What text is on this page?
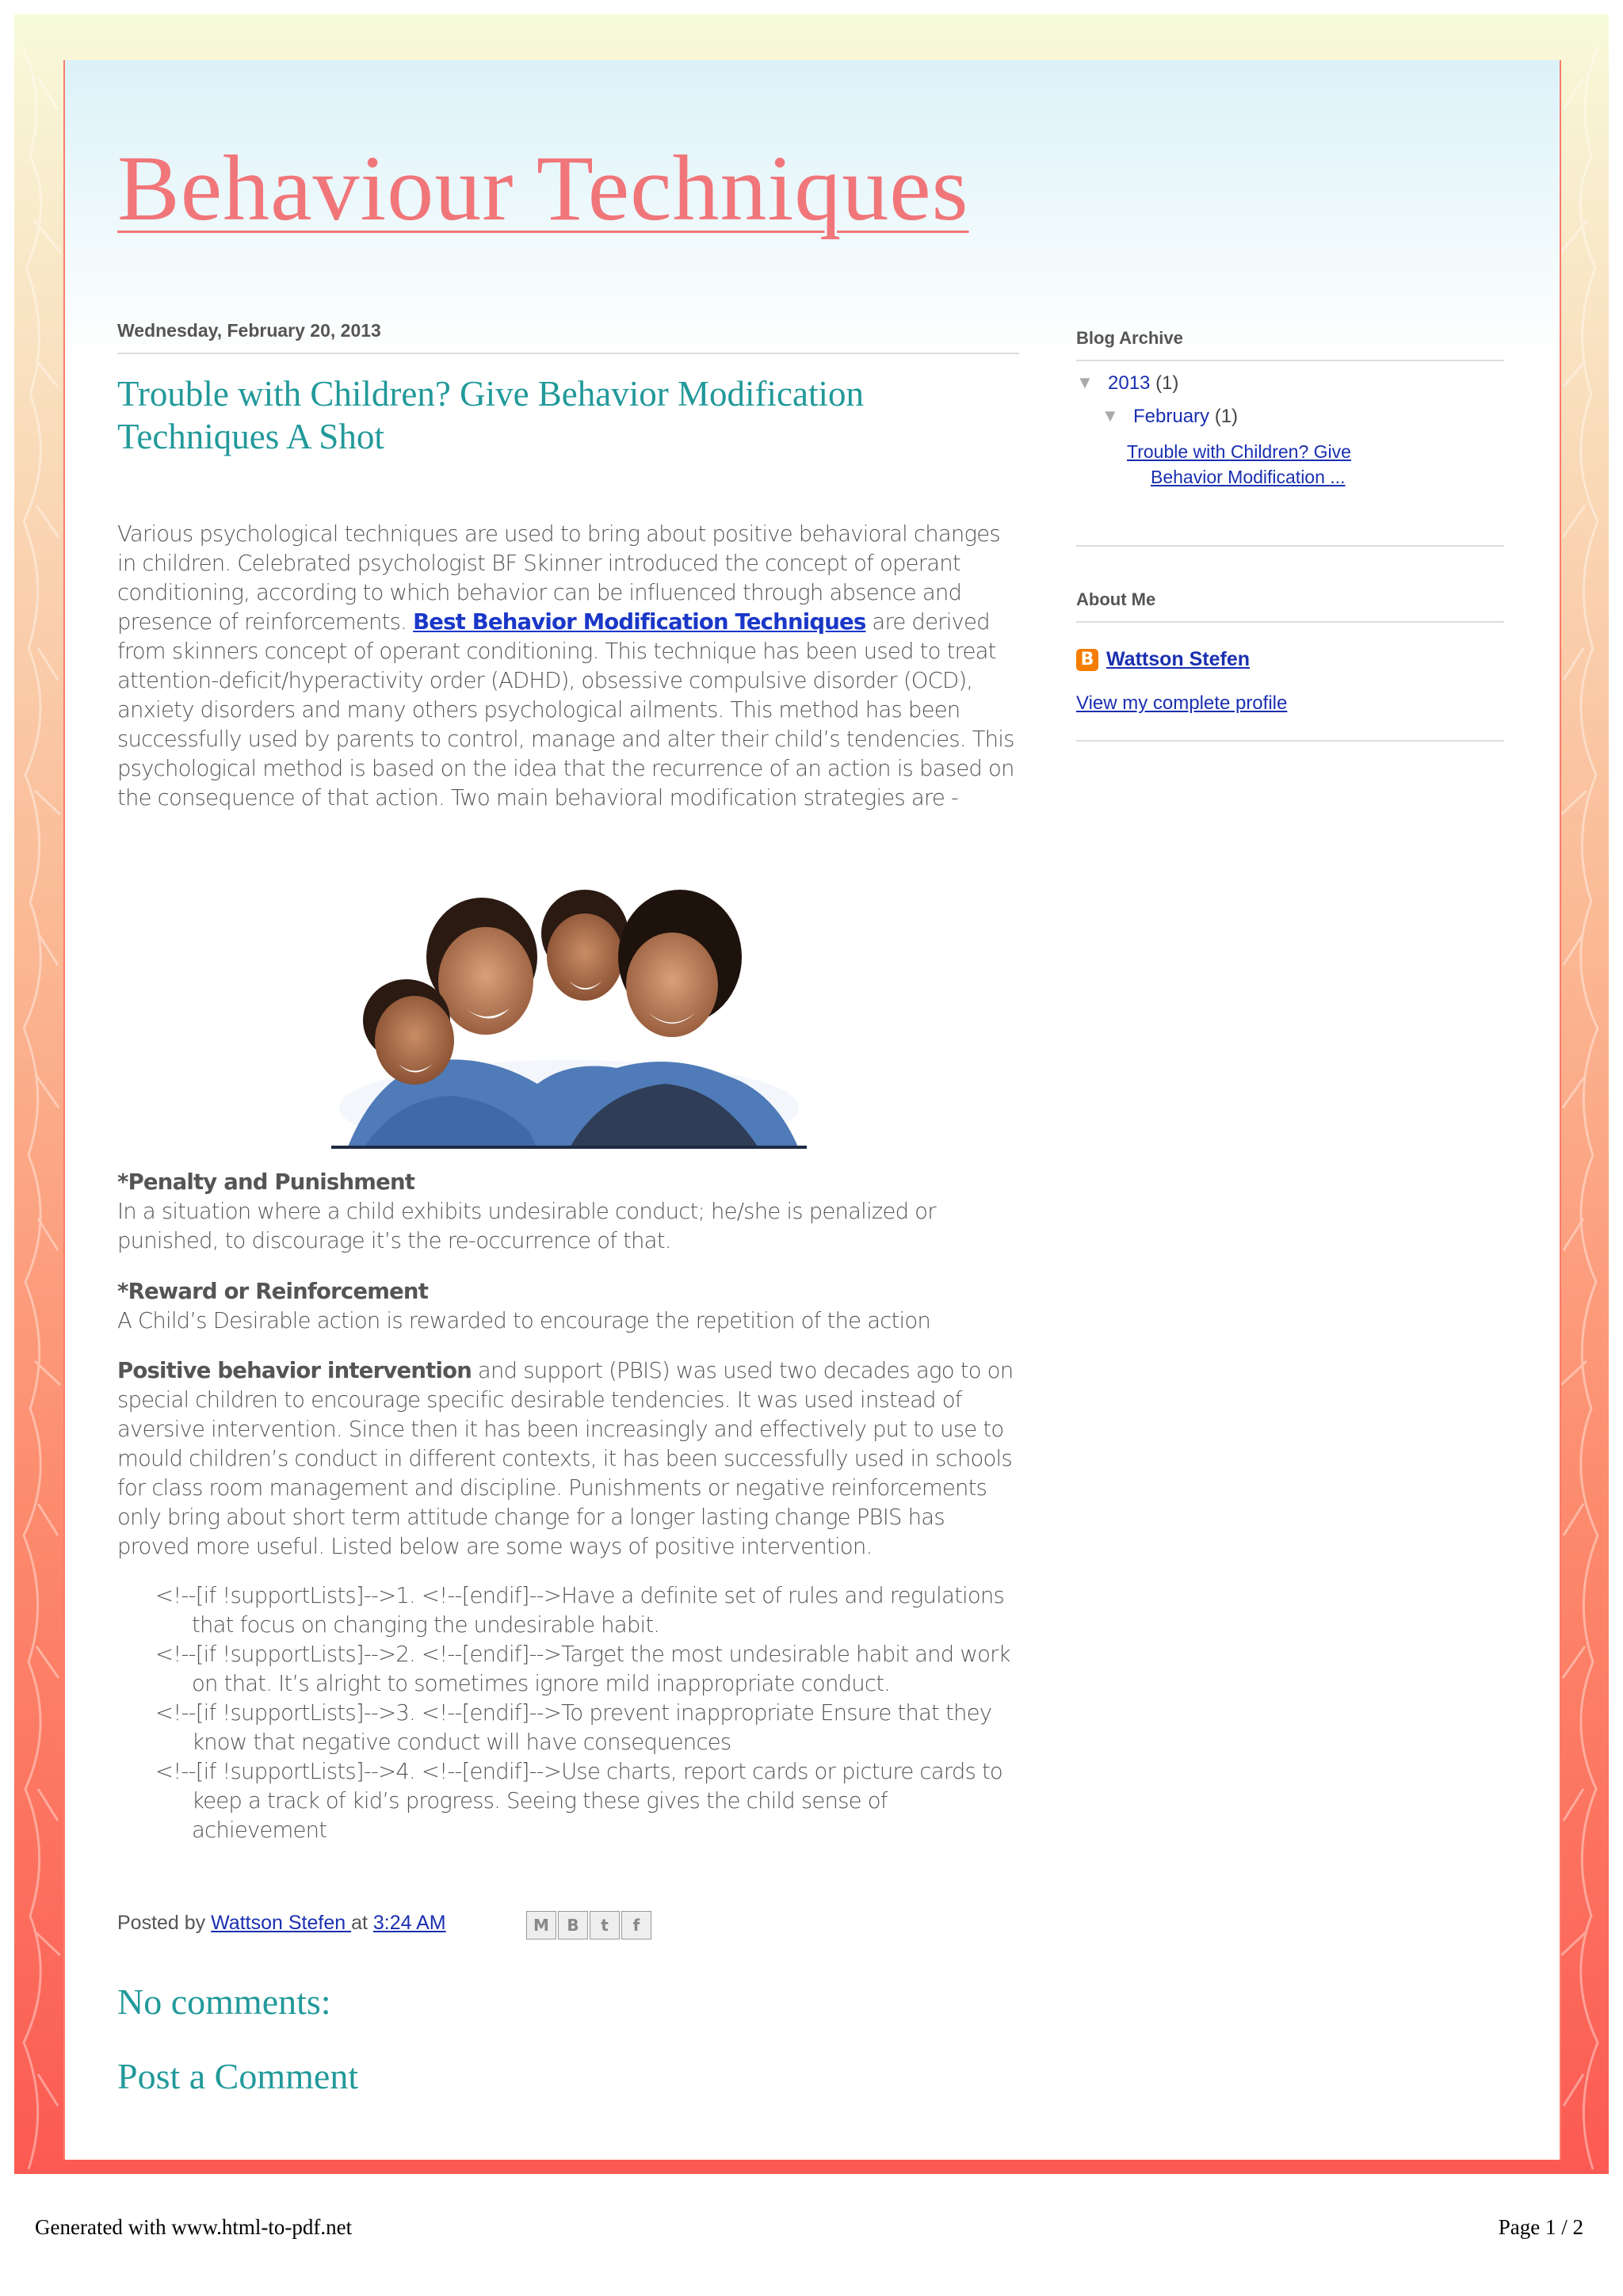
Behaviour Techniques
Wednesday, February 20, 2013
Trouble with Children? Give Behavior Modification Techniques A Shot

Various psychological techniques are used to bring about positive behavioral changes in children. Celebrated psychologist BF Skinner introduced the concept of operant conditioning, according to which behavior can be influenced through absence and presence of reinforcements. Best Behavior Modification Techniques are derived from skinners concept of operant conditioning. This technique has been used to treat attention-deficit/hyperactivity order (ADHD), obsessive compulsive disorder (OCD), anxiety disorders and many others psychological ailments. This method has been successfully used by parents to control, manage and alter their child’s tendencies. This psychological method is based on the idea that the recurrence of an action is based on the consequence of that action. Two main behavioral modification strategies are -

*Penalty and Punishment
In a situation where a child exhibits undesirable conduct; he/she is penalized or punished, to discourage it’s the re-occurrence of that.

*Reward or Reinforcement
A Child’s Desirable action is rewarded to encourage the repetition of the action

Positive behavior intervention and support (PBIS) was used two decades ago to on special children to encourage specific desirable tendencies. It was used instead of aversive intervention. Since then it has been increasingly and effectively put to use to mould children’s conduct in different contexts, it has been successfully used in schools for class room management and discipline. Punishments or negative reinforcements only bring about short term attitude change for a longer lasting change PBIS has proved more useful. Listed below are some ways of positive intervention.

<!--[if !supportLists]-->1. <!--[endif]-->Have a definite set of rules and regulations that focus on changing the undesirable habit.
<!--[if !supportLists]-->2. <!--[endif]-->Target the most undesirable habit and work on that. It’s alright to sometimes ignore mild inappropriate conduct.
<!--[if !supportLists]-->3. <!--[endif]-->To prevent inappropriate Ensure that they know that negative conduct will have consequences
<!--[if !supportLists]-->4. <!--[endif]-->Use charts, report cards or picture cards to keep a track of kid’s progress. Seeing these gives the child sense of achievement
Posted by Wattson Stefen at 3:24 AM	M	B	t	f
No comments:
Post a Comment
Blog Archive
▼ 2013 (1)
▼ February (1)
Trouble with Children? Give Behavior Modification ...
About Me
B Wattson Stefen
View my complete profile
Generated with www.html-to-pdf.net	Page 1 / 2
